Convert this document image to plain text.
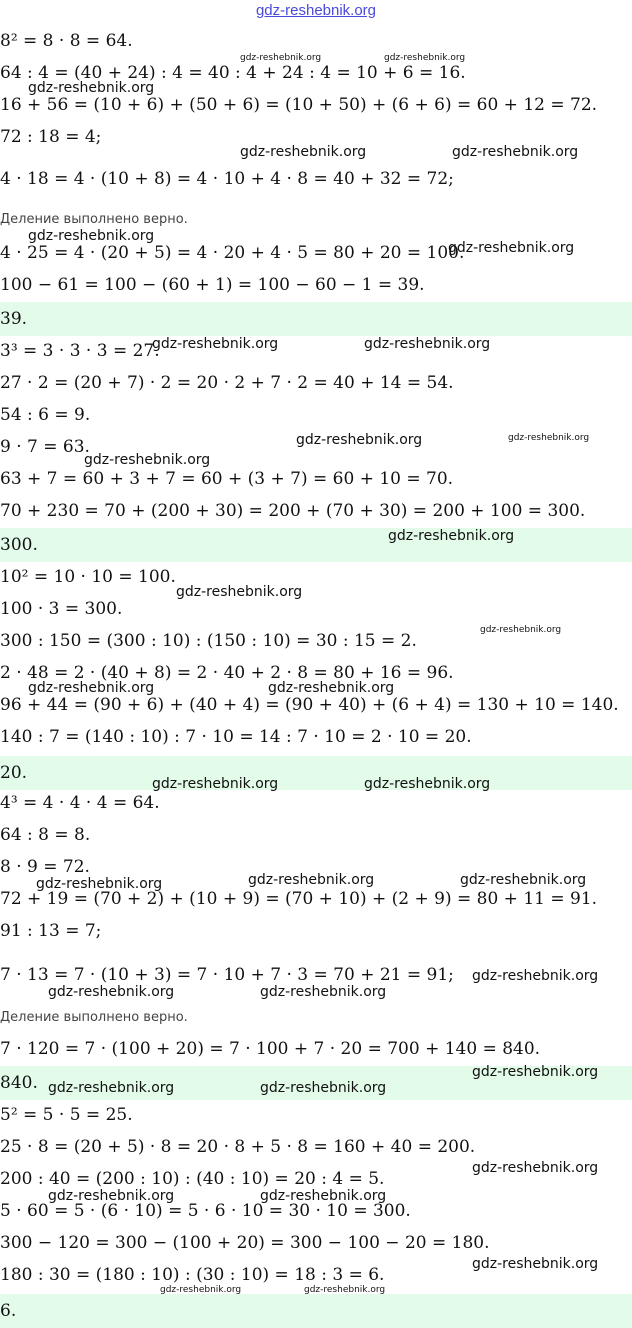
gdz-reshebnik.org
8² = 8 · 8 = 64.
64 : 4 = (40 + 24) : 4 = 40 : 4 + 24 : 4 = 10 + 6 = 16.
16 + 56 = (10 + 6) + (50 + 6) = (10 + 50) + (6 + 6) = 60 + 12 = 72.
72 : 18 = 4;
4 · 18 = 4 · (10 + 8) = 4 · 10 + 4 · 8 = 40 + 32 = 72;
Деление выполнено верно.
4 · 25 = 4 · (20 + 5) = 4 · 20 + 4 · 5 = 80 + 20 = 100.
100 − 61 = 100 − (60 + 1) = 100 − 60 − 1 = 39.
39.
3³ = 3 · 3 · 3 = 27.
27 · 2 = (20 + 7) · 2 = 20 · 2 + 7 · 2 = 40 + 14 = 54.
54 : 6 = 9.
9 · 7 = 63.
63 + 7 = 60 + 3 + 7 = 60 + (3 + 7) = 60 + 10 = 70.
70 + 230 = 70 + (200 + 30) = 200 + (70 + 30) = 200 + 100 = 300.
300.
10² = 10 · 10 = 100.
100 · 3 = 300.
300 : 150 = (300 : 10) : (150 : 10) = 30 : 15 = 2.
2 · 48 = 2 · (40 + 8) = 2 · 40 + 2 · 8 = 80 + 16 = 96.
96 + 44 = (90 + 6) + (40 + 4) = (90 + 40) + (6 + 4) = 130 + 10 = 140.
140 : 7 = (140 : 10) : 7 · 10 = 14 : 7 · 10 = 2 · 10 = 20.
20.
4³ = 4 · 4 · 4 = 64.
64 : 8 = 8.
8 · 9 = 72.
72 + 19 = (70 + 2) + (10 + 9) = (70 + 10) + (2 + 9) = 80 + 11 = 91.
91 : 13 = 7;
7 · 13 = 7 · (10 + 3) = 7 · 10 + 7 · 3 = 70 + 21 = 91;
Деление выполнено верно.
7 · 120 = 7 · (100 + 20) = 7 · 100 + 7 · 20 = 700 + 140 = 840.
840.
5² = 5 · 5 = 25.
25 · 8 = (20 + 5) · 8 = 20 · 8 + 5 · 8 = 160 + 40 = 200.
200 : 40 = (200 : 10) : (40 : 10) = 20 : 4 = 5.
5 · 60 = 5 · (6 · 10) = 5 · 6 · 10 = 30 · 10 = 300.
300 − 120 = 300 − (100 + 20) = 300 − 100 − 20 = 180.
180 : 30 = (180 : 10) : (30 : 10) = 18 : 3 = 6.
6.
gdz-reshebnik.org	gdz-reshebnik.org
gdz-reshebnik.org
gdz-reshebnik.org	gdz-reshebnik.org
gdz-reshebnik.org
gdz-reshebnik.org
gdz-reshebnik.org	gdz-reshebnik.org
gdz-reshebnik.org	gdz-reshebnik.org
gdz-reshebnik.org
gdz-reshebnik.org
gdz-reshebnik.org
gdz-reshebnik.org
gdz-reshebnik.org	gdz-reshebnik.org
gdz-reshebnik.org	gdz-reshebnik.org
gdz-reshebnik.org	gdz-reshebnik.org	gdz-reshebnik.org
gdz-reshebnik.org
gdz-reshebnik.org	gdz-reshebnik.org
gdz-reshebnik.org
gdz-reshebnik.org	gdz-reshebnik.org
gdz-reshebnik.org
gdz-reshebnik.org	gdz-reshebnik.org
gdz-reshebnik.org
gdz-reshebnik.org	gdz-reshebnik.org
